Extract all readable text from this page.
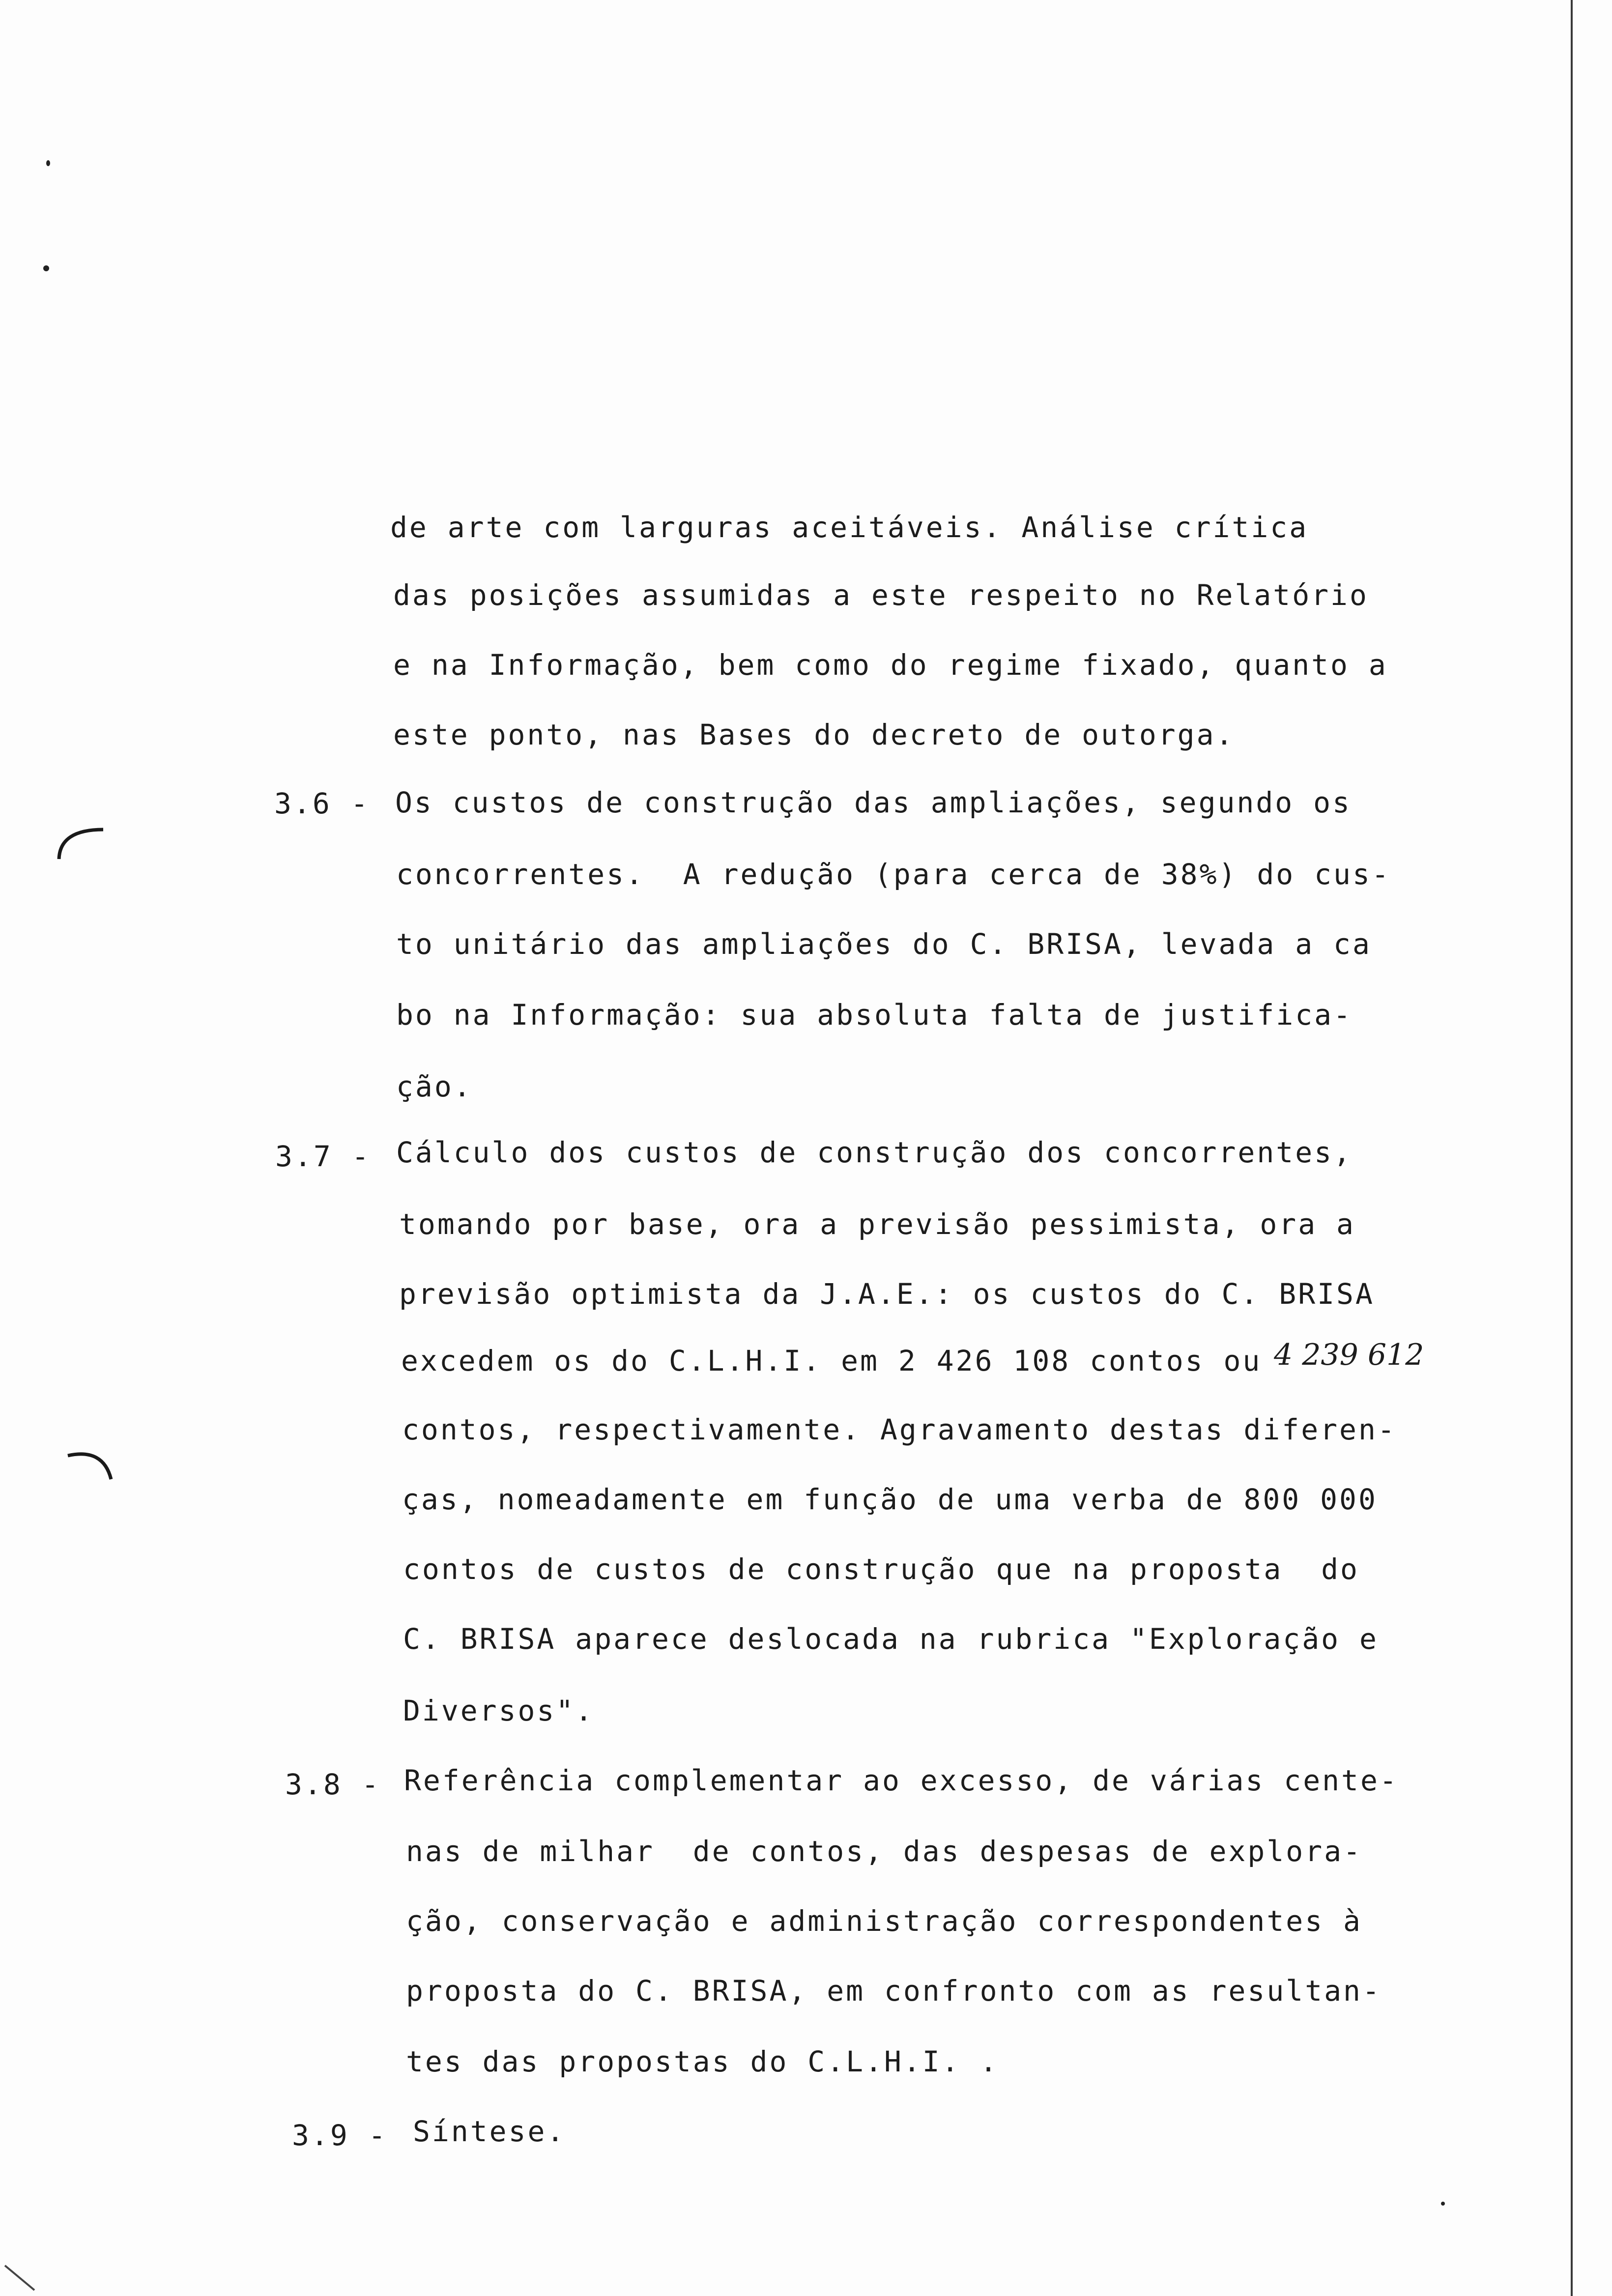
de arte com larguras aceitáveis. Análise crítica
das posições assumidas a este respeito no Relatório
e na Informação, bem como do regime fixado, quanto a
este ponto, nas Bases do decreto de outorga.
3.6 - Os custos de construção das ampliações, segundo os
concorrentes.  A redução (para cerca de 38%) do cus-
to unitário das ampliações do C. BRISA, levada a ca
bo na Informação: sua absoluta falta de justifica-
ção.
3.7 - Cálculo dos custos de construção dos concorrentes,
tomando por base, ora a previsão pessimista, ora a
previsão optimista da J.A.E.: os custos do C. BRISA
excedem os do C.L.H.I. em 2 426 108 contos ou 4 239 612
contos, respectivamente. Agravamento destas diferen-
ças, nomeadamente em função de uma verba de 800 000
contos de custos de construção que na proposta  do
C. BRISA aparece deslocada na rubrica "Exploração e
Diversos".
3.8 - Referência complementar ao excesso, de várias cente-
nas de milhar  de contos, das despesas de explora-
ção, conservação e administração correspondentes à
proposta do C. BRISA, em confronto com as resultan-
tes das propostas do C.L.H.I. .
3.9 - Síntese.
